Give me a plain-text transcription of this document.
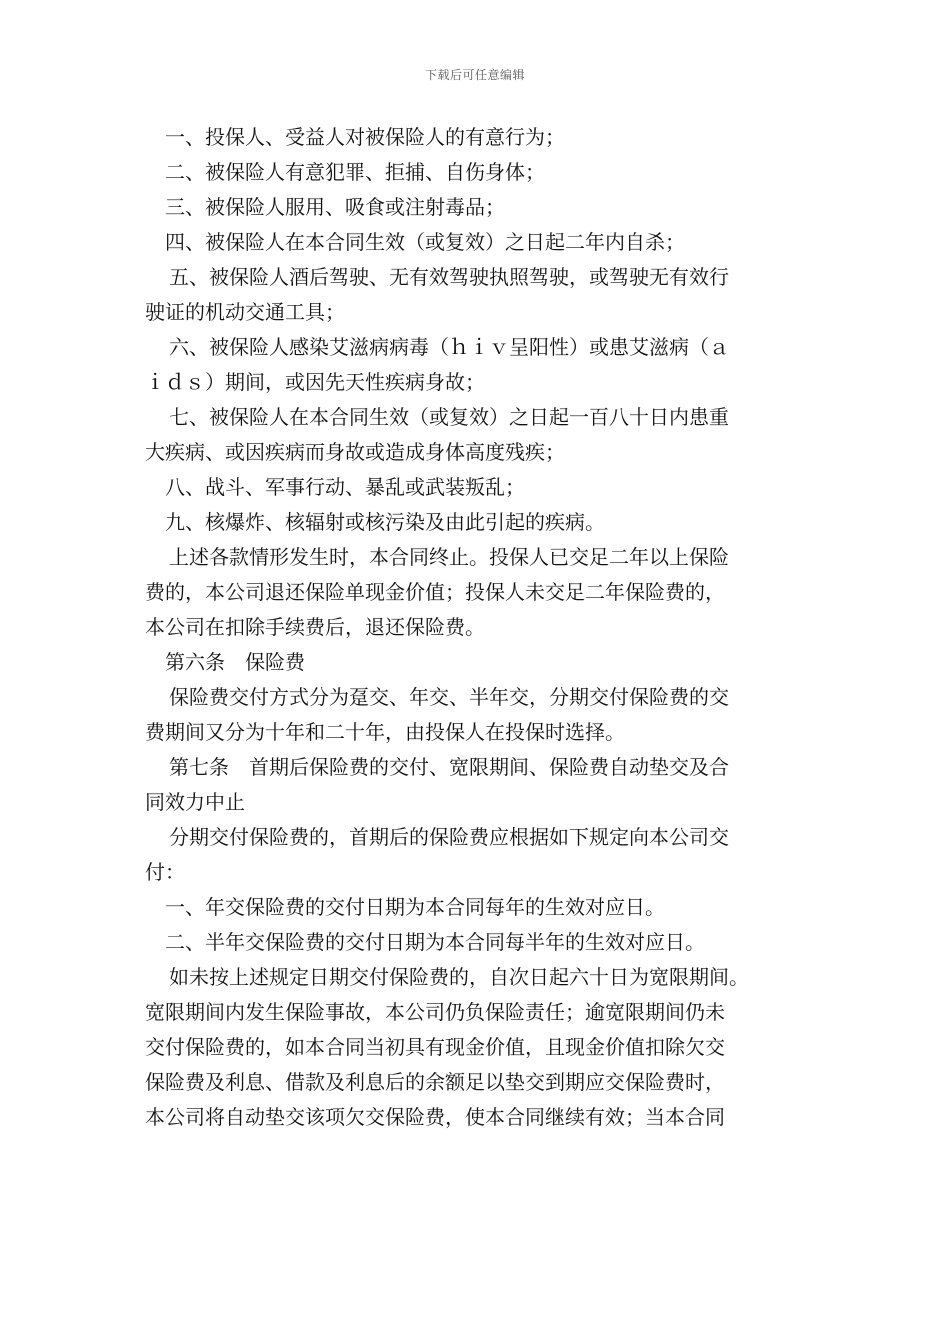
下载后可任意编辑
一、投保人、受益人对被保险人的有意行为；
二、被保险人有意犯罪、拒捕、自伤身体；
三、被保险人服用、吸食或注射毒品；
四、被保险人在本合同生效（或复效）之日起二年内自杀；
五、被保险人酒后驾驶、无有效驾驶执照驾驶，或驾驶无有效行
驶证的机动交通工具；
六、被保险人感染艾滋病病毒（ｈｉｖ呈阳性）或患艾滋病（ａ
ｉｄｓ）期间，或因先天性疾病身故；
七、被保险人在本合同生效（或复效）之日起一百八十日内患重
大疾病、或因疾病而身故或造成身体高度残疾；
八、战斗、军事行动、暴乱或武装叛乱；
九、核爆炸、核辐射或核污染及由此引起的疾病。
上述各款情形发生时，本合同终止。投保人已交足二年以上保险
费的，本公司退还保险单现金价值；投保人未交足二年保险费的，
本公司在扣除手续费后，退还保险费。
第六条　保险费
保险费交付方式分为趸交、年交、半年交，分期交付保险费的交
费期间又分为十年和二十年，由投保人在投保时选择。
第七条　首期后保险费的交付、宽限期间、保险费自动垫交及合
同效力中止
分期交付保险费的，首期后的保险费应根据如下规定向本公司交
付：
一、年交保险费的交付日期为本合同每年的生效对应日。
二、半年交保险费的交付日期为本合同每半年的生效对应日。
如未按上述规定日期交付保险费的，自次日起六十日为宽限期间。
宽限期间内发生保险事故，本公司仍负保险责任；逾宽限期间仍未
交付保险费的，如本合同当初具有现金价值，且现金价值扣除欠交
保险费及利息、借款及利息后的余额足以垫交到期应交保险费时，
本公司将自动垫交该项欠交保险费，使本合同继续有效；当本合同
